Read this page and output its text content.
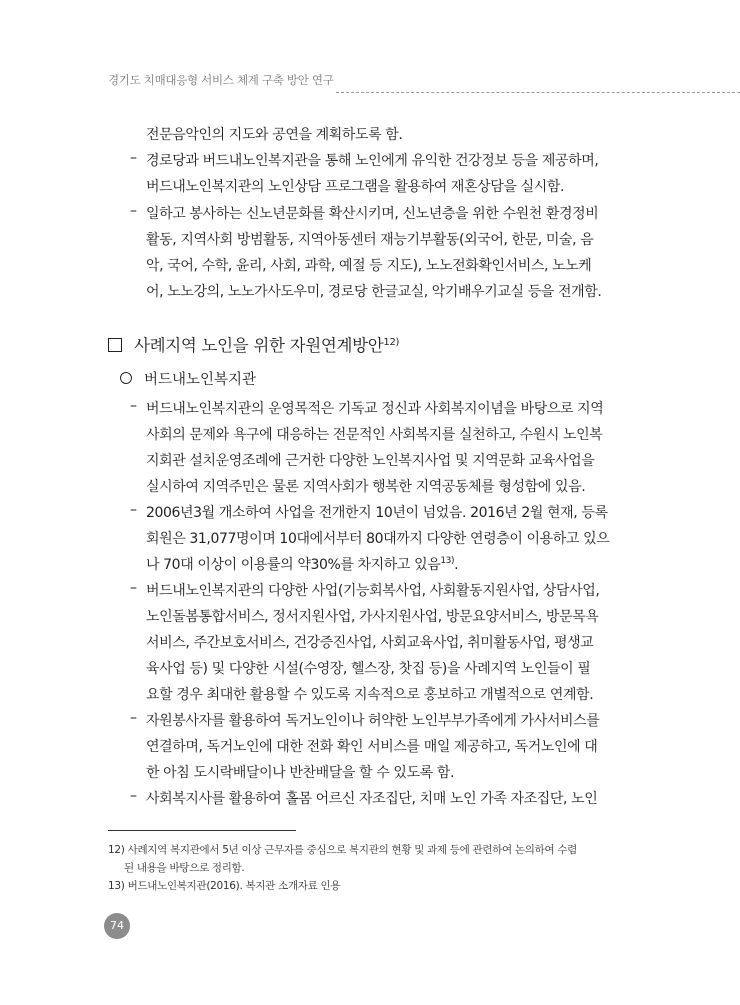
경기도 치매대응형 서비스 체계 구축 방안 연구
전문음악인의 지도와 공연을 계획하도록 함.
– 경로당과 버드내노인복지관을 통해 노인에게 유익한 건강정보 등을 제공하며,
버드내노인복지관의 노인상담 프로그램을 활용하여 재혼상담을 실시함.
– 일하고 봉사하는 신노년문화를 확산시키며, 신노년층을 위한 수원천 환경정비
활동, 지역사회 방범활동, 지역아동센터 재능기부활동(외국어, 한문, 미술, 음
악, 국어, 수학, 윤리, 사회, 과학, 예절 등 지도), 노노전화확인서비스, 노노케
어, 노노강의, 노노가사도우미, 경로당 한글교실, 악기배우기교실 등을 전개함.
사례지역 노인을 위한 자원연계방안$^{12)}$
버드내노인복지관
– 버드내노인복지관의 운영목적은 기독교 정신과 사회복지이념을 바탕으로 지역
사회의 문제와 욕구에 대응하는 전문적인 사회복지를 실천하고, 수원시 노인복
지회관 설치운영조례에 근거한 다양한 노인복지사업 및 지역문화 교육사업을
실시하여 지역주민은 물론 지역사회가 행복한 지역공동체를 형성함에 있음.
– 2006년3월 개소하여 사업을 전개한지 10년이 넘었음. 2016년 2월 현재, 등록
회원은 31,077명이며 10대에서부터 80대까지 다양한 연령층이 이용하고 있으
나 70대 이상이 이용률의 약30%를 차지하고 있음$^{13)}$.
– 버드내노인복지관의 다양한 사업(기능회복사업, 사회활동지원사업, 상담사업,
노인돌봄통합서비스, 정서지원사업, 가사지원사업, 방문요양서비스, 방문목욕
서비스, 주간보호서비스, 건강증진사업, 사회교육사업, 취미활동사업, 평생교
육사업 등) 및 다양한 시설(수영장, 헬스장, 찻집 등)을 사례지역 노인들이 필
요할 경우 최대한 활용할 수 있도록 지속적으로 홍보하고 개별적으로 연계함.
– 자원봉사자를 활용하여 독거노인이나 허약한 노인부부가족에게 가사서비스를
연결하며, 독거노인에 대한 전화 확인 서비스를 매일 제공하고, 독거노인에 대
한 아침 도시락배달이나 반찬배달을 할 수 있도록 함.
– 사회복지사를 활용하여 홀몸 어르신 자조집단, 치매 노인 가족 자조집단, 노인
12) 사례지역 복지관에서 5년 이상 근무자를 중심으로 복지관의 현황 및 과제 등에 관련하여 논의하여 수렴
된 내용을 바탕으로 정리함.
13) 버드내노인복지관(2016). 복지관 소개자료 인용
74
